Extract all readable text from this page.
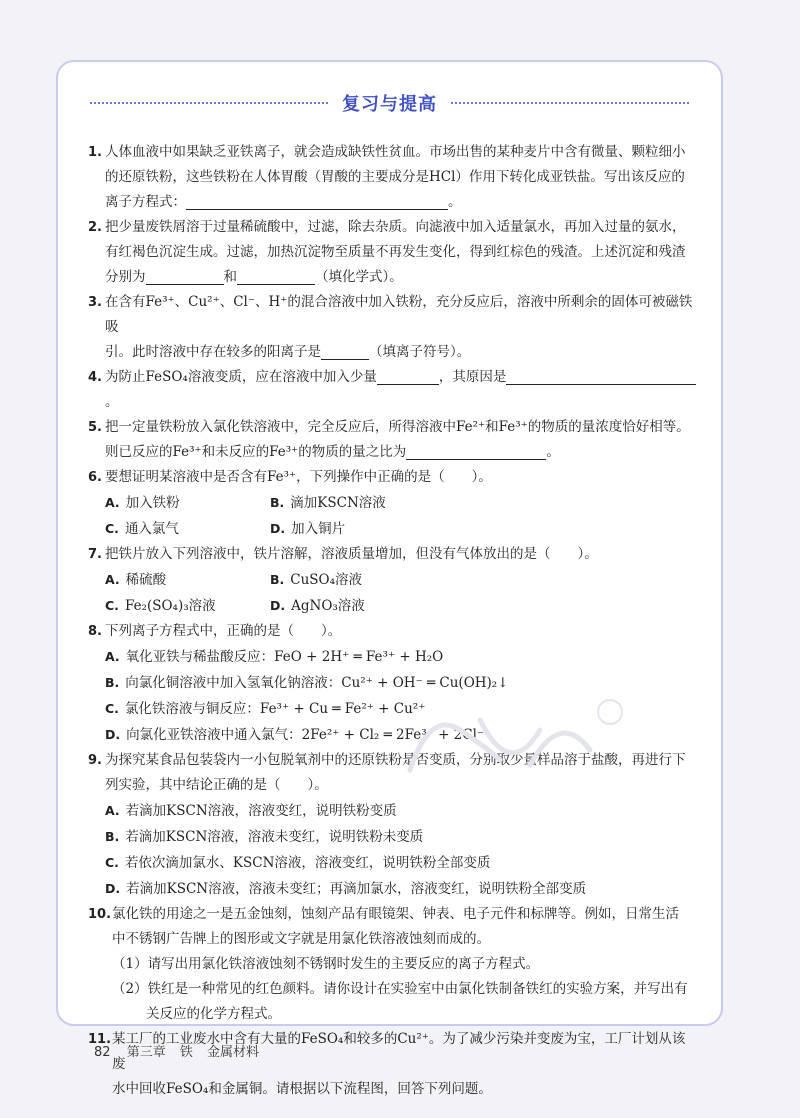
复习与提高
1. 人体血液中如果缺乏亚铁离子，就会造成缺铁性贫血。市场出售的某种麦片中含有微量、颗粒细小

的还原铁粉，这些铁粉在人体胃酸（胃酸的主要成分是HCl）作用下转化成亚铁盐。写出该反应的

离子方程式：	。

2. 把少量废铁屑溶于过量稀硫酸中，过滤，除去杂质。向滤液中加入适量氯水，再加入过量的氨水，

有红褐色沉淀生成。过滤，加热沉淀物至质量不再发生变化，得到红棕色的残渣。上述沉淀和残渣

分别为	和	（填化学式）。

3. 在含有Fe³⁺、Cu²⁺、Cl⁻、H⁺的混合溶液中加入铁粉，充分反应后，溶液中所剩余的固体可被磁铁吸

引。此时溶液中存在较多的阳离子是	（填离子符号）。

4. 为防止FeSO₄溶液变质，应在溶液中加入少量	，其原因是。

5. 把一定量铁粉放入氯化铁溶液中，完全反应后，所得溶液中Fe²⁺和Fe³⁺的物质的量浓度恰好相等。

则已反应的Fe³⁺和未反应的Fe³⁺的物质的量之比为	。

6. 要想证明某溶液中是否含有Fe³⁺，下列操作中正确的是（　　）。

A. 加入铁粉	B. 滴加KSCN溶液
C. 通入氯气	D. 加入铜片
7. 把铁片放入下列溶液中，铁片溶解，溶液质量增加，但没有气体放出的是（　　）。

A. 稀硫酸	B. CuSO₄溶液
C. Fe₂(SO₄)₃溶液	D. AgNO₃溶液
8. 下列离子方程式中，正确的是（　　）。

A. 氧化亚铁与稀盐酸反应：FeO + 2H⁺ ═ Fe³⁺ + H₂O
B. 向氯化铜溶液中加入氢氧化钠溶液：Cu²⁺ + OH⁻ ═ Cu(OH)₂↓
C. 氯化铁溶液与铜反应：Fe³⁺ + Cu ═ Fe²⁺ + Cu²⁺
D. 向氯化亚铁溶液中通入氯气：2Fe²⁺ + Cl₂ ═ 2Fe³⁺ + 2Cl⁻
9. 为探究某食品包装袋内一小包脱氧剂中的还原铁粉是否变质，分别取少量样品溶于盐酸，再进行下

列实验，其中结论正确的是（　　）。

A. 若滴加KSCN溶液，溶液变红，说明铁粉变质
B. 若滴加KSCN溶液，溶液未变红，说明铁粉未变质
C. 若依次滴加氯水、KSCN溶液，溶液变红，说明铁粉全部变质
D. 若滴加KSCN溶液，溶液未变红；再滴加氯水，溶液变红，说明铁粉全部变质
10. 氯化铁的用途之一是五金蚀刻，蚀刻产品有眼镜架、钟表、电子元件和标牌等。例如，日常生活

中不锈钢广告牌上的图形或文字就是用氯化铁溶液蚀刻而成的。

（1）请写出用氯化铁溶液蚀刻不锈钢时发生的主要反应的离子方程式。
（2）铁红是一种常见的红色颜料。请你设计在实验室中由氯化铁制备铁红的实验方案，并写出有
关反应的化学方程式。
11. 某工厂的工业废水中含有大量的FeSO₄和较多的Cu²⁺。为了减少污染并变废为宝，工厂计划从该废

水中回收FeSO₄和金属铜。请根据以下流程图，回答下列问题。

82 第三章 铁 金属材料
